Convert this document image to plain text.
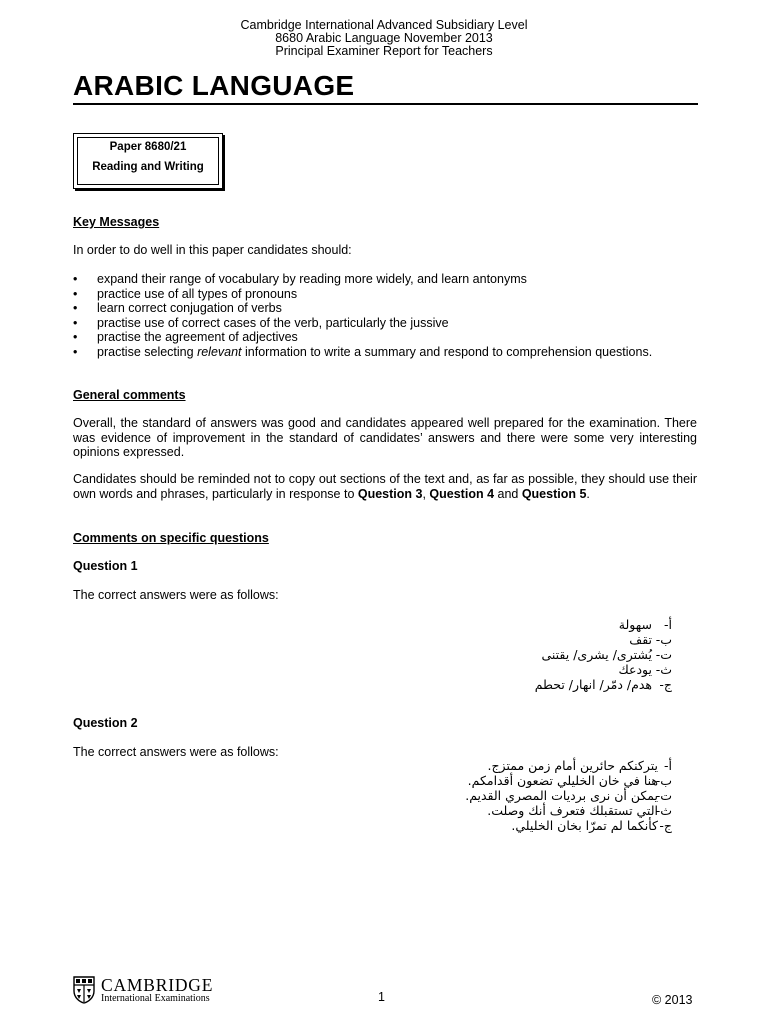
Cambridge International Advanced Subsidiary Level
8680 Arabic Language November 2013
Principal Examiner Report for Teachers
ARABIC LANGUAGE
Paper 8680/21
Reading and Writing
Key Messages
In order to do well in this paper candidates should:
• expand their range of vocabulary by reading more widely, and learn antonyms
• practice use of all types of pronouns
• learn correct conjugation of verbs
• practise use of correct cases of the verb, particularly the jussive
• practise the agreement of adjectives
• practise selecting relevant information to write a summary and respond to comprehension questions.
General comments
Overall, the standard of answers was good and candidates appeared well prepared for the examination. There was evidence of improvement in the standard of candidates’ answers and there were some very interesting opinions expressed.
Candidates should be reminded not to copy out sections of the text and, as far as possible, they should use their own words and phrases, particularly in response to Question 3, Question 4 and Question 5.
Comments on specific questions
Question 1
The correct answers were as follows:
أ-سهولة
ب-تقف
ت-يُشترى/ يشرى/ يقتنى
ث-يودعك
ج-هدم/ دمّر/ انهار/ تحطم
Question 2
The correct answers were as follows:
أ-يتركنكم حائرين أمام زمن ممتزج.
ب-هنا في خان الخليلي تضعون أقدامكم.
ت-يمكن أن نرى برديات المصري القديم.
ث-التي تستقبلك فتعرف أنك وصلت.
ج-كأنكما لم تمرّا بخان الخليلي.
CAMBRIDGE
International Examinations	1	© 2013
